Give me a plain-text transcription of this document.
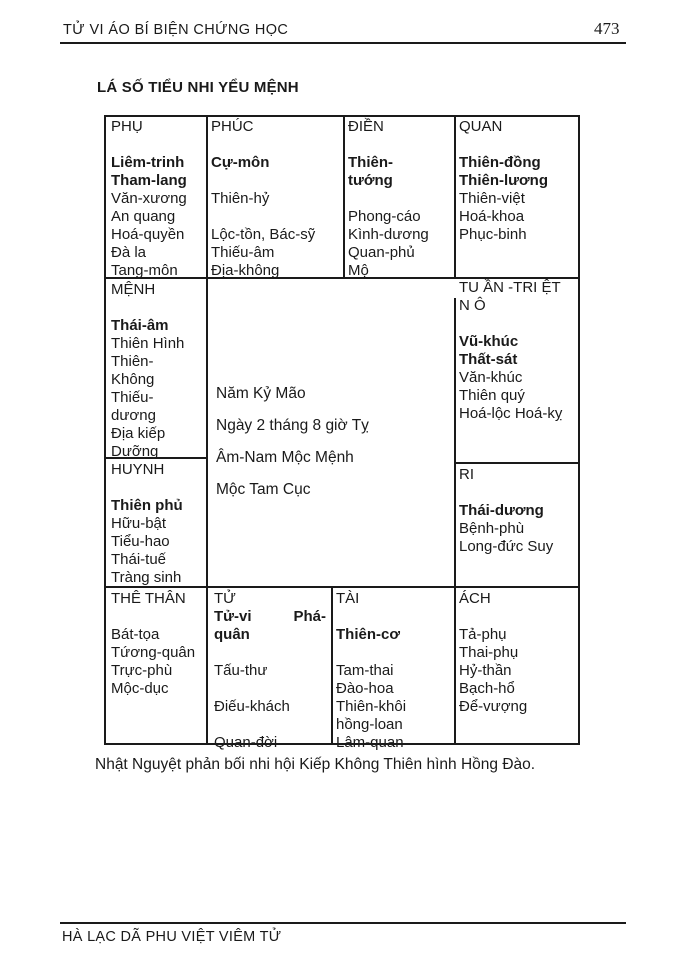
TỬ VI ÁO BÍ BIỆN CHỨNG HỌC	473
LÁ SỐ TIỂU NHI YỂU MỆNH
PHỤ

Liêm-trinh
Tham-lang
Văn-xương
An quang
Hoá-quyền
Đà la
Tang-môn
PHÚC

Cự-môn

Thiên-hỷ

Lộc-tồn, Bác-sỹ
Thiếu-âm
Địa-không
ĐIỀN

Thiên-
tướng

Phong-cáo
Kình-dương
Quan-phủ
Mộ
QUAN

Thiên-đồng
Thiên-lương
Thiên-việt
Hoá-khoa
Phục-binh
TU ẦN -TRI ỆT
N Ô

Vũ-khúc
Thất-sát
Văn-khúc
Thiên quý
Hoá-lộc Hoá-kỵ
MỆNH

Thái-âm
Thiên Hình
Thiên-
Không
Thiếu-
dương
Địa kiếp
Dưỡng
HUYNH

Thiên phủ
Hữu-bật
Tiểu-hao
Thái-tuế
Tràng sinh
RI

Thái-dương
Bệnh-phù
Long-đức Suy
THÊ THÂN

Bát-tọa
Tứơng-quân
Trực-phù
Mộc-dục
TỬ
Tử-vi	Phá-
quân

Tấu-thư

Điếu-khách

Quan-đời
TÀI

Thiên-cơ

Tam-thai
Đào-hoa
Thiên-khôi
hồng-loan
Lâm-quan
ÁCH

Tả-phụ
Thai-phụ
Hỷ-thần
Bạch-hổ
Để-vượng
Năm Kỷ Mão
Ngày 2 tháng 8 giờ Tỵ
Âm-Nam Mộc Mệnh
Mộc Tam Cục
Nhật Nguyệt phản bối nhi hội Kiếp Không Thiên hình Hồng Đào.
HÀ LẠC DÃ PHU VIỆT VIÊM TỬ
